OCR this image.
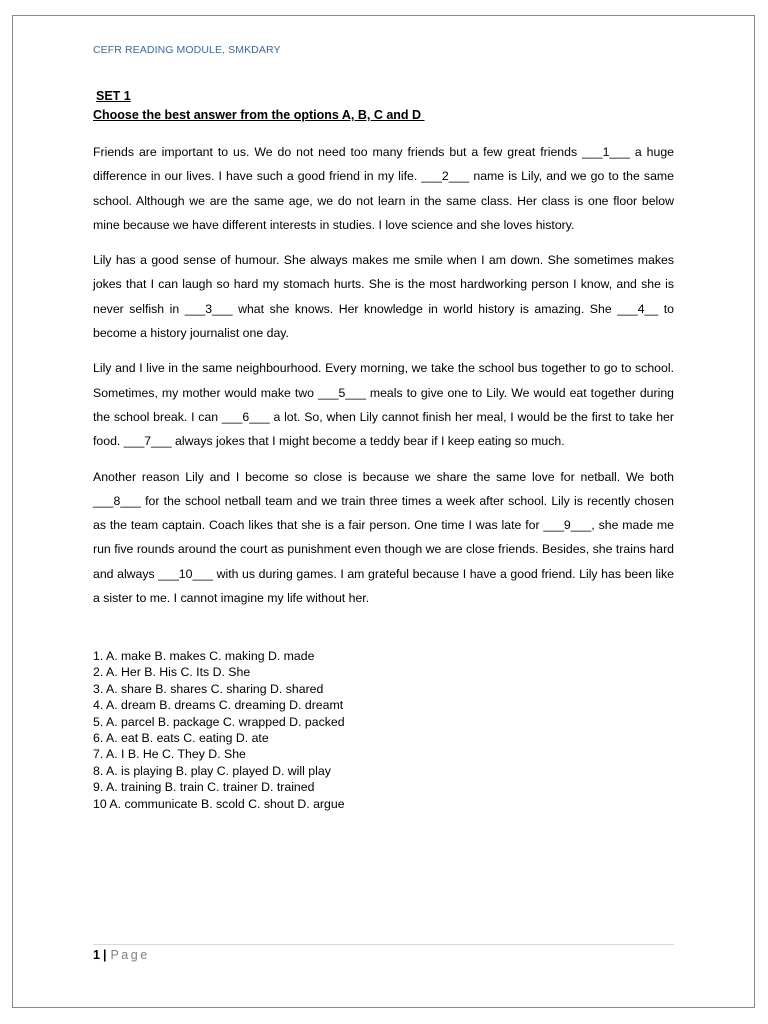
CEFR READING MODULE, SMKDARY
SET 1
Choose the best answer from the options A, B, C and D

Friends are important to us. We do not need too many friends but a few great friends ___1___ a huge difference in our lives. I have such a good friend in my life. ___2___ name is Lily, and we go to the same school. Although we are the same age, we do not learn in the same class. Her class is one floor below mine because we have different interests in studies. I love science and she loves history.

Lily has a good sense of humour. She always makes me smile when I am down. She sometimes makes jokes that I can laugh so hard my stomach hurts. She is the most hardworking person I know, and she is never selfish in ___3___ what she knows. Her knowledge in world history is amazing. She ___4__ to become a history journalist one day.

Lily and I live in the same neighbourhood. Every morning, we take the school bus together to go to school. Sometimes, my mother would make two ___5___ meals to give one to Lily. We would eat together during the school break. I can ___6___ a lot. So, when Lily cannot finish her meal, I would be the first to take her food. ___7___ always jokes that I might become a teddy bear if I keep eating so much.

Another reason Lily and I become so close is because we share the same love for netball. We both ___8___ for the school netball team and we train three times a week after school. Lily is recently chosen as the team captain. Coach likes that she is a fair person. One time I was late for ___9___, she made me run five rounds around the court as punishment even though we are close friends. Besides, she trains hard and always ___10___ with us during games. I am grateful because I have a good friend. Lily has been like a sister to me. I cannot imagine my life without her.

1. A. make B. makes C. making D. made
2. A. Her B. His C. Its D. She
3. A. share B. shares C. sharing D. shared
4. A. dream B. dreams C. dreaming D. dreamt
5. A. parcel B. package C. wrapped D. packed
6. A. eat B. eats C. eating D. ate
7. A. I B. He C. They D. She
8. A. is playing B. play C. played D. will play
9. A. training B. train C. trainer D. trained
10 A. communicate B. scold C. shout D. argue
1 | Page
